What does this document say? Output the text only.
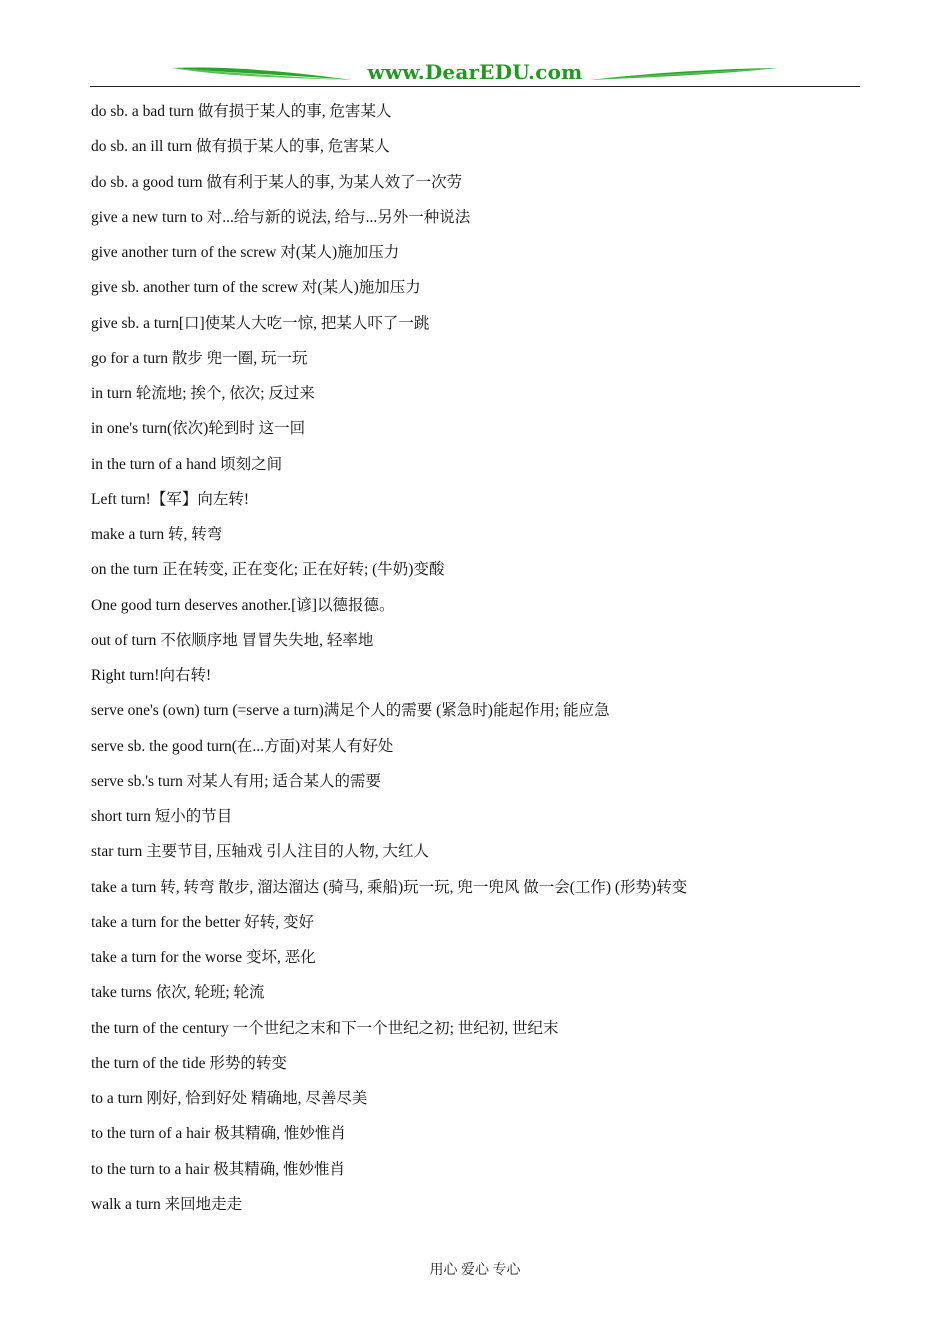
www.DearEDU.com
do sb. a bad turn 做有损于某人的事, 危害某人
do sb. an ill turn 做有损于某人的事, 危害某人
do sb. a good turn 做有利于某人的事, 为某人效了一次劳
give a new turn to 对...给与新的说法, 给与...另外一种说法
give another turn of the screw 对(某人)施加压力
give sb. another turn of the screw 对(某人)施加压力
give sb. a turn[口]使某人大吃一惊, 把某人吓了一跳
go for a turn 散步 兜一圈, 玩一玩
in turn 轮流地; 挨个, 依次; 反过来
in one's turn(依次)轮到时 这一回
in the turn of a hand 顷刻之间
Left turn!【军】向左转!
make a turn 转, 转弯
on the turn 正在转变, 正在变化; 正在好转; (牛奶)变酸
One good turn deserves another.[谚]以德报德。
out of turn 不依顺序地 冒冒失失地, 轻率地
Right turn!向右转!
serve one's (own) turn (=serve a turn)满足个人的需要 (紧急时)能起作用; 能应急
serve sb. the good turn(在...方面)对某人有好处
serve sb.'s turn 对某人有用; 适合某人的需要
short turn 短小的节目
star turn 主要节目, 压轴戏 引人注目的人物, 大红人
take a turn 转, 转弯 散步, 溜达溜达 (骑马, 乘船)玩一玩, 兜一兜风 做一会(工作) (形势)转变
take a turn for the better 好转, 变好
take a turn for the worse 变坏, 恶化
take turns 依次, 轮班; 轮流
the turn of the century 一个世纪之末和下一个世纪之初; 世纪初, 世纪末
the turn of the tide 形势的转变
to a turn 刚好, 恰到好处 精确地, 尽善尽美
to the turn of a hair 极其精确, 惟妙惟肖
to the turn to a hair 极其精确, 惟妙惟肖
walk a turn 来回地走走
用心 爱心 专心
